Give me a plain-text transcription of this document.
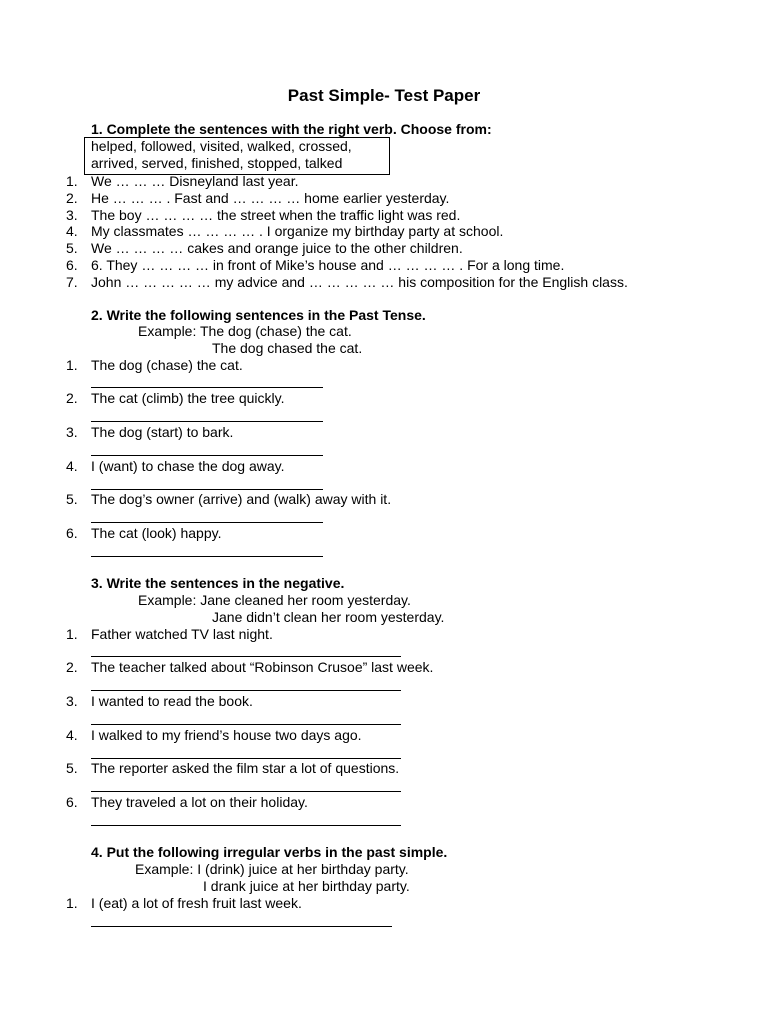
Past Simple- Test Paper
1. Complete the sentences with the right verb. Choose from:
helped, followed, visited, walked, crossed,
arrived, served, finished, stopped, talked
1. We … … … Disneyland last year.
2. He … … … . Fast and … … … … home earlier yesterday.
3. The boy … … … … the street when the traffic light was red.
4. My classmates … … … … . I organize my birthday party at school.
5. We … … … … cakes and orange juice to the other children.
6. 6. They … … … … in front of Mike’s house and … … … … . For a long time.
7. John … … … … … my advice and … … … … … his composition for the English class.
2. Write the following sentences in the Past Tense.
Example: The dog (chase) the cat.
The dog chased the cat.
1. The dog (chase) the cat.
2. The cat (climb) the tree quickly.
3. The dog (start) to bark.
4. I (want) to chase the dog away.
5. The dog’s owner (arrive) and (walk) away with it.
6. The cat (look) happy.
3. Write the sentences in the negative.
Example: Jane cleaned her room yesterday.
Jane didn’t clean her room yesterday.
1. Father watched TV last night.
2. The teacher talked about “Robinson Crusoe” last week.
3. I wanted to read the book.
4. I walked to my friend’s house two days ago.
5. The reporter asked the film star a lot of questions.
6. They traveled a lot on their holiday.
4. Put the following irregular verbs in the past simple.
Example: I (drink) juice at her birthday party.
I drank juice at her birthday party.
1. I (eat) a lot of fresh fruit last week.
